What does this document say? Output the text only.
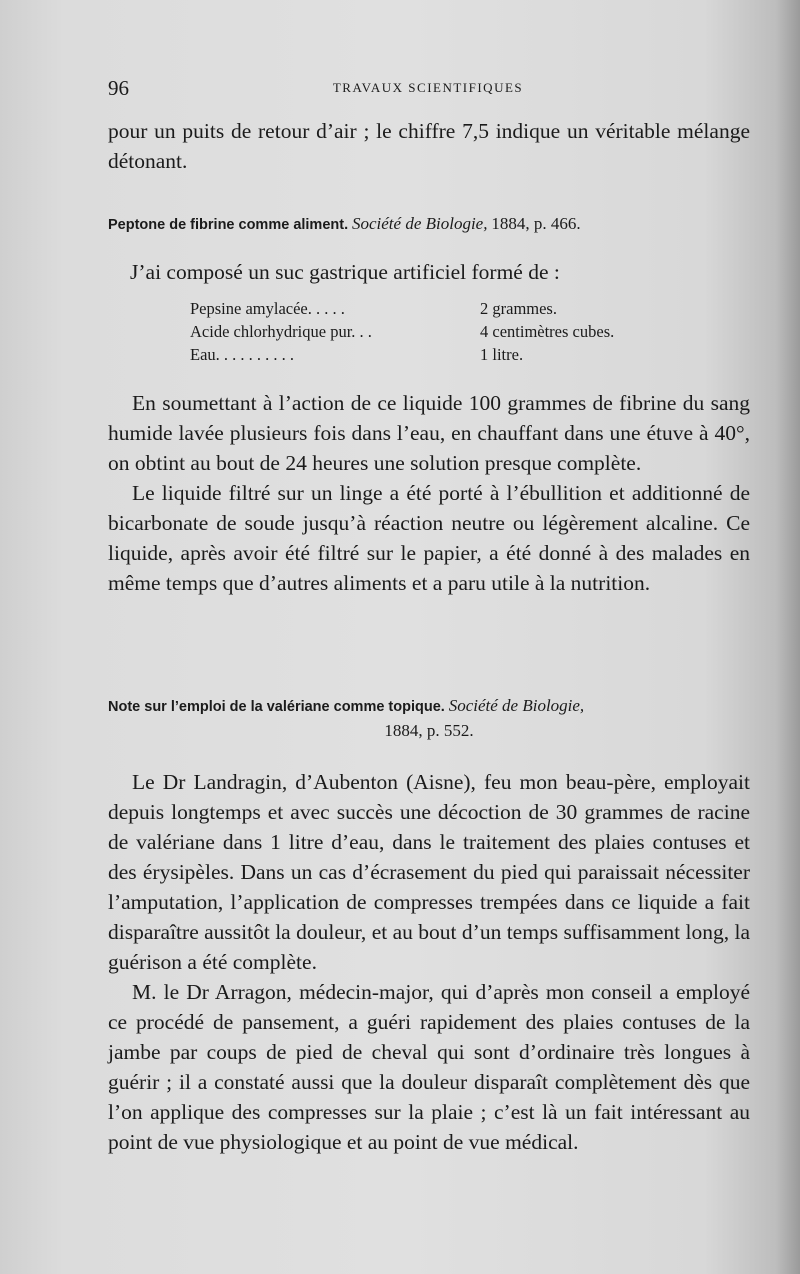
96	TRAVAUX SCIENTIFIQUES

pour un puits de retour d’air ; le chiffre 7,5 indique un véritable mélange détonant.

Peptone de fibrine comme aliment. Société de Biologie, 1884, p. 466.

J’ai composé un suc gastrique artificiel formé de :

Pepsine amylacée. . . . .	2 grammes.
Acide chlorhydrique pur. . .	4 centimètres cubes.
Eau. . . . . . . . . .	1 litre.

En soumettant à l’action de ce liquide 100 grammes de fibrine du sang humide lavée plusieurs fois dans l’eau, en chauffant dans une étuve à 40°, on obtint au bout de 24 heures une solution presque complète.

Le liquide filtré sur un linge a été porté à l’ébullition et additionné de bicarbonate de soude jusqu’à réaction neutre ou légèrement alcaline. Ce liquide, après avoir été filtré sur le papier, a été donné à des malades en même temps que d’autres aliments et a paru utile à la nutrition.

Note sur l’emploi de la valériane comme topique. Société de Biologie,
1884, p. 552.

Le Dr Landragin, d’Aubenton (Aisne), feu mon beau-père, employait depuis longtemps et avec succès une décoction de 30 grammes de racine de valériane dans 1 litre d’eau, dans le traitement des plaies contuses et des érysipèles. Dans un cas d’écrasement du pied qui paraissait nécessiter l’amputation, l’application de compresses trempées dans ce liquide a fait disparaître aussitôt la douleur, et au bout d’un temps suffisamment long, la guérison a été complète.

M. le Dr Arragon, médecin-major, qui d’après mon conseil a employé ce procédé de pansement, a guéri rapidement des plaies contuses de la jambe par coups de pied de cheval qui sont d’ordinaire très longues à guérir ; il a constaté aussi que la douleur disparaît complètement dès que l’on applique des compresses sur la plaie ; c’est là un fait intéressant au point de vue physiologique et au point de vue médical.
